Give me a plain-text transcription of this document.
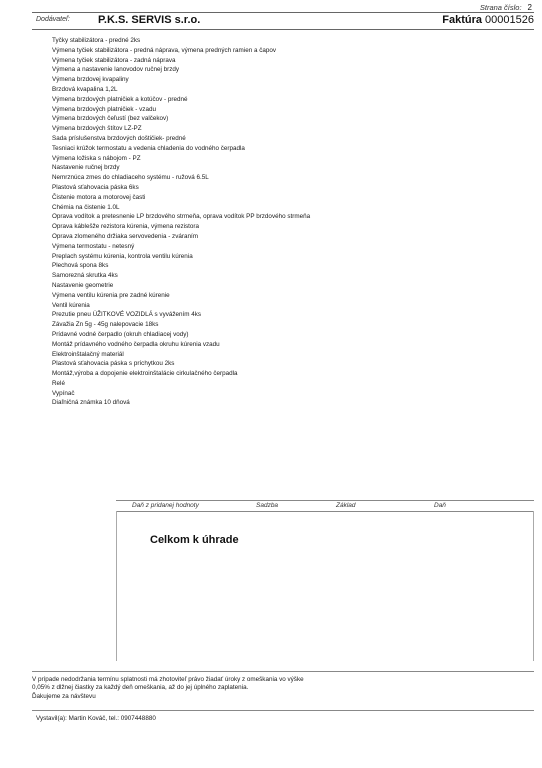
Strana číslo: 2
Dodávateľ:	P.K.S. SERVIS s.r.o.	Faktúra 00001526
Tyčky stabilizátora - predné 2ks
Výmena tyčiek stabilizátora - predná náprava, výmena predných ramien a čapov
Výmena tyčiek stabilizátora - zadná náprava
Výmena a nastavenie lanovodov ručnej brzdy
Výmena brzdovej kvapaliny
Brzdová kvapalina 1,2L
Výmena brzdových platničiek a kotúčov - predné
Výmena brzdových platničiek - vzadu
Výmena brzdových čeľustí (bez valčekov)
Výmena brzdových štítov LZ-PZ
Sada príslušenstva brzdových doštičiek- predné
Tesniaci krúžok termostatu a vedenia chladenia do vodného čerpadla
Výmena ložiska s nábojom - PZ
Nastavenie ručnej brzdy
Nemrznúca zmes do chladiaceho systému - ružová 6.5L
Plastová sťahovacia páska 6ks
Čistenie motora a motorovej časti
Chémia na čistenie 1.0L
Oprava vodítok a pretesnenie LP brzdového strmeňa, oprava vodítok PP brzdového strmeňa
Oprava káblešže rezistora kúrenia, výmena rezistora
Oprava zlomeného držiaka servovedenia - zváraním
Výmena termostatu - netesný
Preplach systému kúrenia, kontrola ventilu kúrenia
Plechová spona 8ks
Samorezná skrutka 4ks
Nastavenie geometrie
Výmena ventilu kúrenia pre zadné kúrenie
Ventil kúrenia
Prezutie pneu ÚŽITKOVÉ VOZIDLÁ s vyvážením 4ks
Závažia Zn 5g - 45g nalepovacie 18ks
Prídavné vodné čerpadlo (okruh chladiacej vody)
Montáž prídavného vodného čerpadla okruhu kúrenia vzadu
Elektroinštalačný materiál
Plastová sťahovacia páska s príchytkou 2ks
Montáž,výroba a dopojenie elektroinštalácie cirkulačného čerpadla
Relé
Vypínač
Diaľničná známka 10 dňová
Daň z pridanej hodnoty	Sadzba	Základ	Daň
Celkom k úhrade
V prípade nedodržania termínu splatnosti má zhotoviteľ právo žiadať úroky z omeškania vo výške
0,05% z dlžnej čiastky za každý deň omeškania, až do jej úplného zaplatenia.
Ďakujeme za návštevu
Vystavil(a): Martin Kováč, tel.: 0907448880
